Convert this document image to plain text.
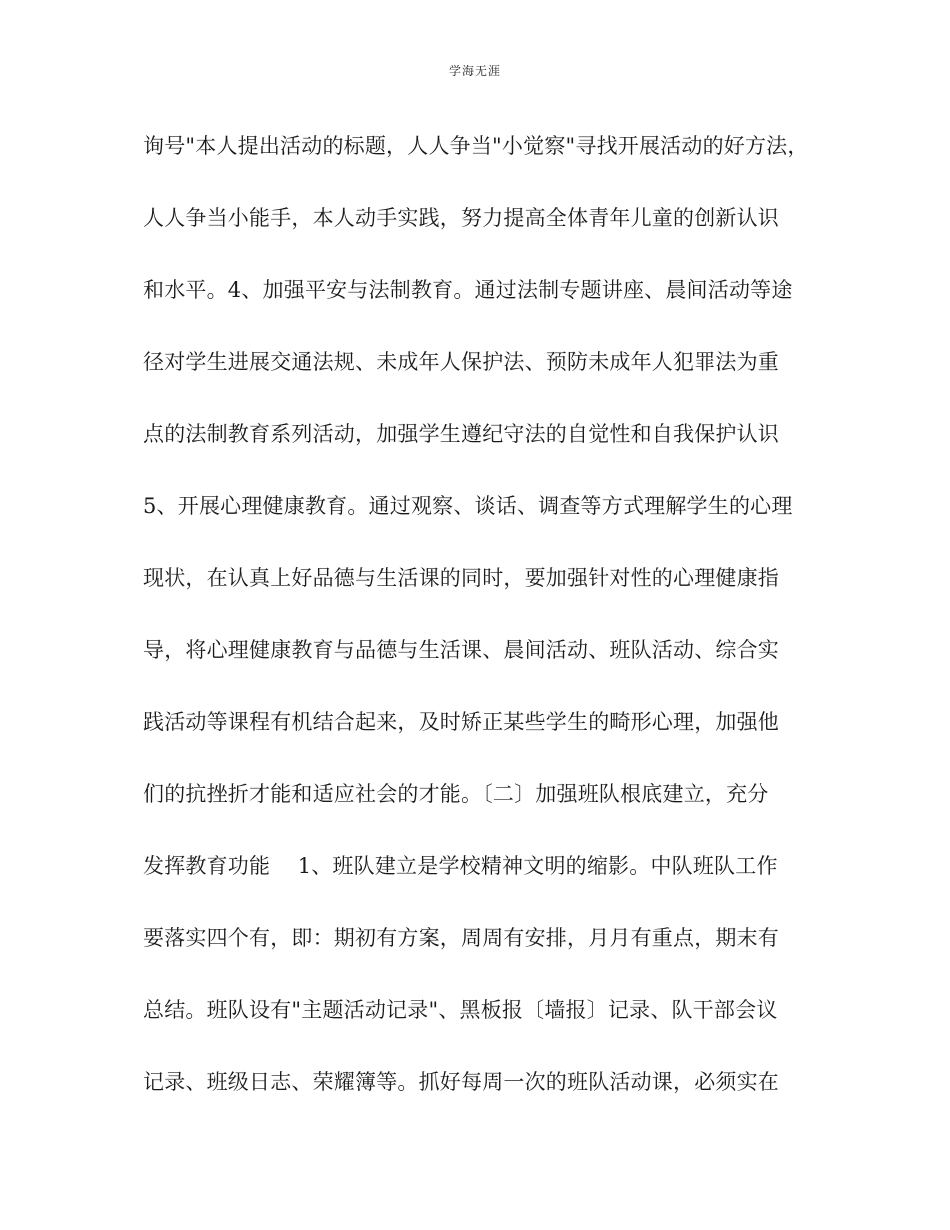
学海无涯
询号"本人提出活动的标题，人人争当"小觉察"寻找开展活动的好方法，
人人争当小能手，本人动手实践，努力提高全体青年儿童的创新认识
和水平。4、加强平安与法制教育。通过法制专题讲座、晨间活动等途
径对学生进展交通法规、未成年人保护法、预防未成年人犯罪法为重
点的法制教育系列活动，加强学生遵纪守法的自觉性和自我保护认识
5、开展心理健康教育。通过观察、谈话、调查等方式理解学生的心理
现状，在认真上好品德与生活课的同时，要加强针对性的心理健康指
导，将心理健康教育与品德与生活课、晨间活动、班队活动、综合实
践活动等课程有机结合起来，及时矫正某些学生的畸形心理，加强他
们的抗挫折才能和适应社会的才能。〔二〕加强班队根底建立，充分
发挥教育功能    1、班队建立是学校精神文明的缩影。中队班队工作
要落实四个有，即：期初有方案，周周有安排，月月有重点，期末有
总结。班队设有"主题活动记录"、黑板报〔墙报〕记录、队干部会议
记录、班级日志、荣耀簿等。抓好每周一次的班队活动课，必须实在
